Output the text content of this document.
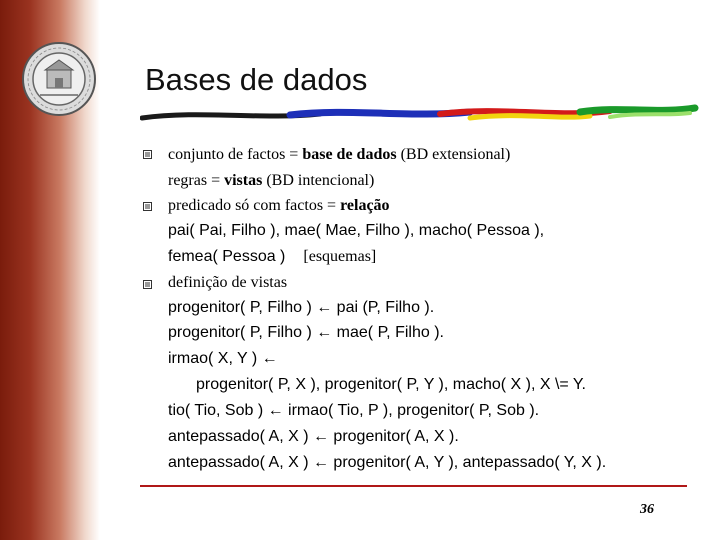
Bases de dados
conjunto de factos = base de dados (BD extensional)
regras = vistas (BD intencional)
predicado só com factos = relação
pai( Pai, Filho ), mae( Mae, Filho ), macho( Pessoa ),
femea( Pessoa ) [esquemas]
definição de vistas
progenitor( P, Filho ) ← pai (P, Filho ).
progenitor( P, Filho ) ← mae( P, Filho ).
irmao( X, Y ) ←
progenitor( P, X ), progenitor( P, Y ), macho( X ), X \= Y.
tio( Tio, Sob ) ← irmao( Tio, P ), progenitor( P, Sob ).
antepassado( A, X ) ← progenitor( A, X ).
antepassado( A, X ) ← progenitor( A, Y ), antepassado( Y, X ).
36
